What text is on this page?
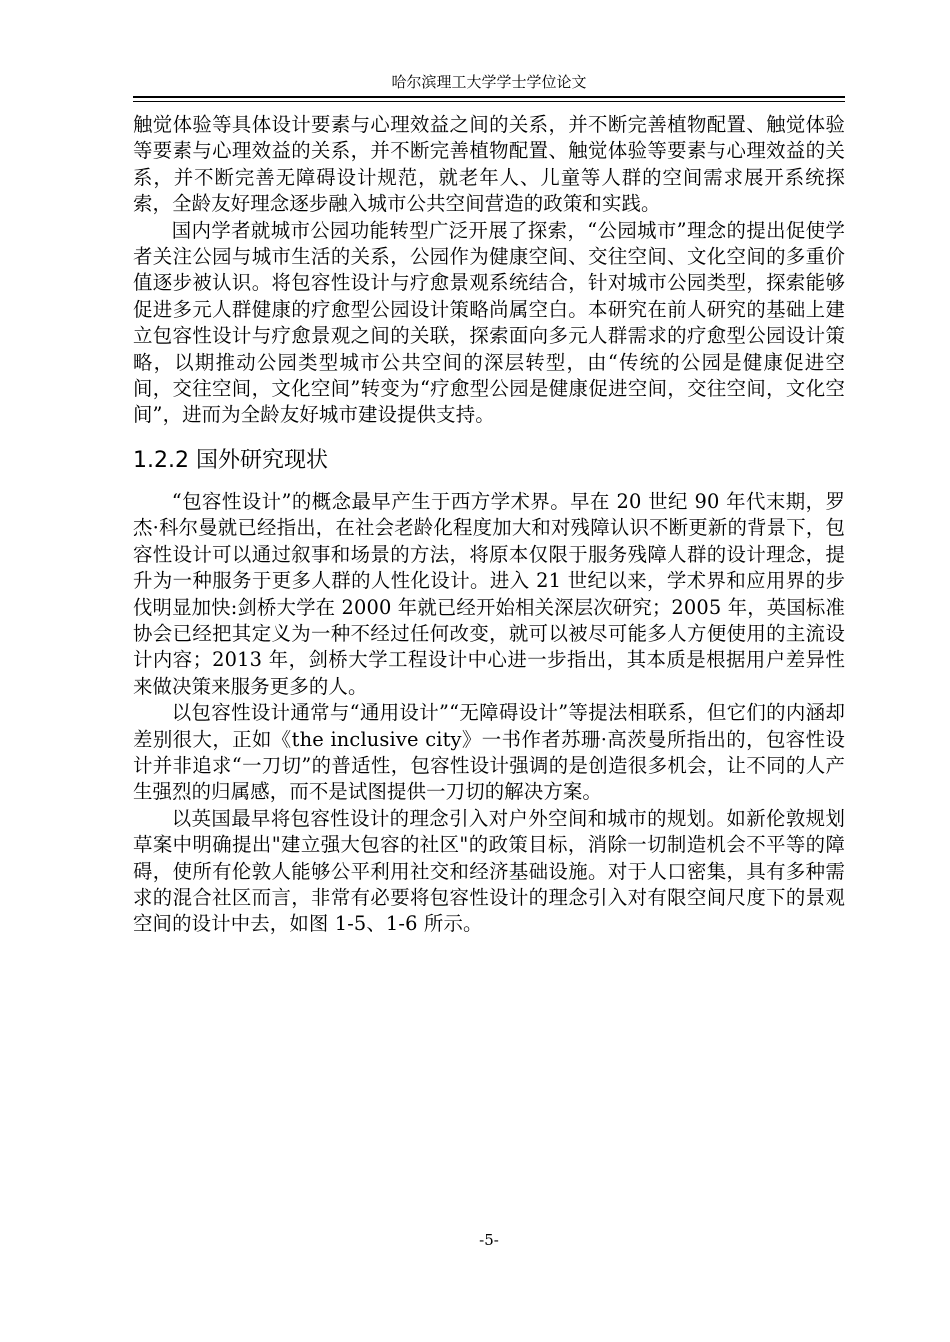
哈尔滨理工大学学士学位论文

触觉体验等具体设计要素与心理效益之间的关系，并不断完善植物配置、触觉体验等要素与心理效益的关系，并不断完善植物配置、触觉体验等要素与心理效益的关系，并不断完善无障碍设计规范，就老年人、儿童等人群的空间需求展开系统探索，全龄友好理念逐步融入城市公共空间营造的政策和实践。

国内学者就城市公园功能转型广泛开展了探索，“公园城市”理念的提出促使学者关注公园与城市生活的关系，公园作为健康空间、交往空间、文化空间的多重价值逐步被认识。将包容性设计与疗愈景观系统结合，针对城市公园类型，探索能够促进多元人群健康的疗愈型公园设计策略尚属空白。本研究在前人研究的基础上建立包容性设计与疗愈景观之间的关联，探索面向多元人群需求的疗愈型公园设计策略，以期推动公园类型城市公共空间的深层转型，由“传统的公园是健康促进空间，交往空间，文化空间”转变为“疗愈型公园是健康促进空间，交往空间，文化空间”，进而为全龄友好城市建设提供支持。

1.2.2 国外研究现状

“包容性设计”的概念最早产生于西方学术界。早在 20 世纪 90 年代末期，罗杰·科尔曼就已经指出，在社会老龄化程度加大和对残障认识不断更新的背景下，包容性设计可以通过叙事和场景的方法，将原本仅限于服务残障人群的设计理念，提升为一种服务于更多人群的人性化设计。进入 21 世纪以来，学术界和应用界的步伐明显加快:剑桥大学在 2000 年就已经开始相关深层次研究；2005 年，英国标准协会已经把其定义为一种不经过任何改变，就可以被尽可能多人方便使用的主流设计内容；2013 年，剑桥大学工程设计中心进一步指出，其本质是根据用户差异性来做决策来服务更多的人。

以包容性设计通常与“通用设计”“无障碍设计”等提法相联系，但它们的内涵却差别很大，正如《the inclusive city》一书作者苏珊·高茨曼所指出的，包容性设计并非追求“一刀切”的普适性，包容性设计强调的是创造很多机会，让不同的人产生强烈的归属感，而不是试图提供一刀切的解决方案。

以英国最早将包容性设计的理念引入对户外空间和城市的规划。如新伦敦规划草案中明确提出"建立强大包容的社区"的政策目标，消除一切制造机会不平等的障碍，使所有伦敦人能够公平利用社交和经济基础设施。对于人口密集，具有多种需求的混合社区而言，非常有必要将包容性设计的理念引入对有限空间尺度下的景观空间的设计中去，如图 1-5、1-6 所示。

-5-
